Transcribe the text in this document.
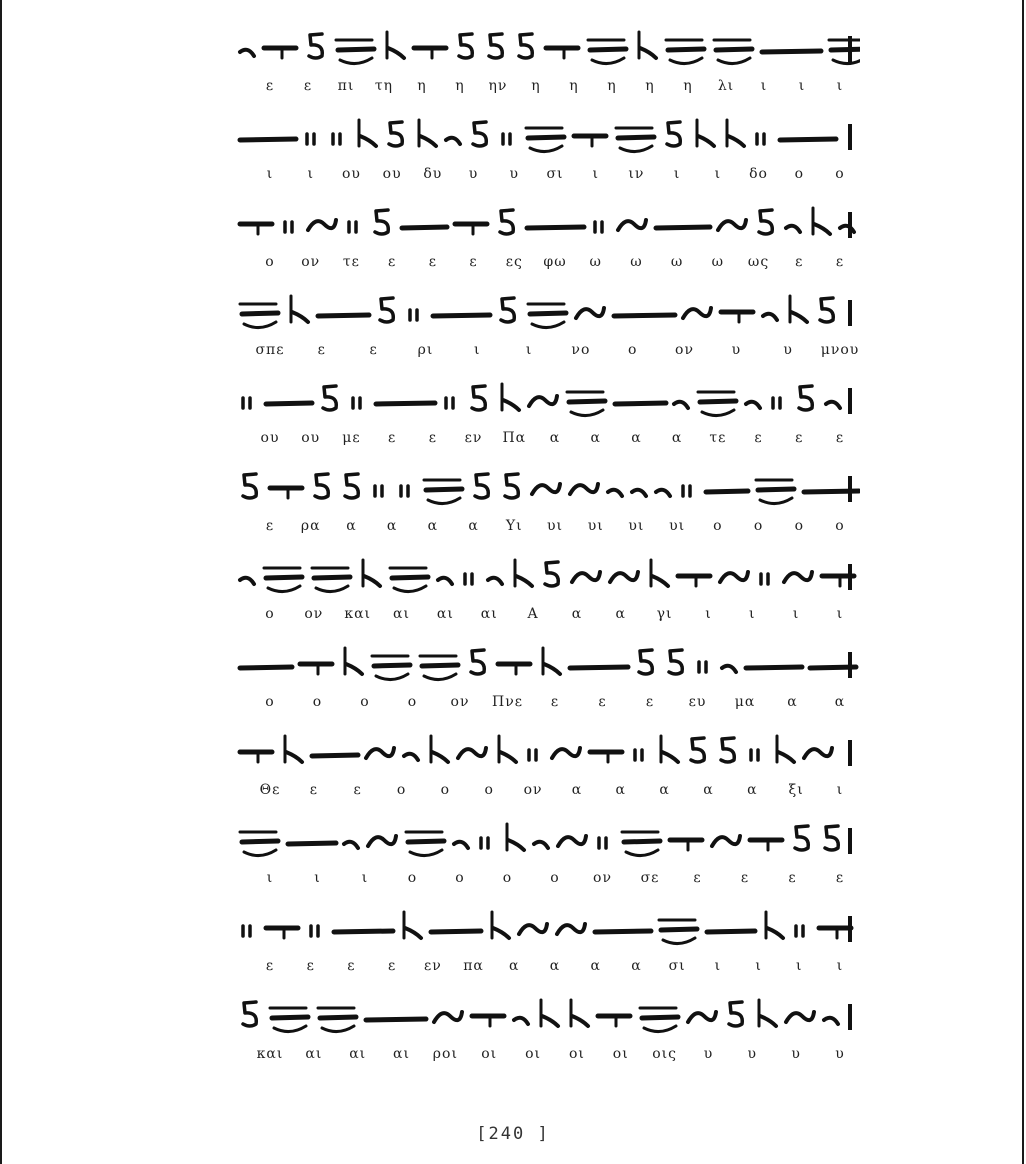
ε ε πι τη η η ην η η η η η λι ι ι ι
ι ι ου ου δυ υ υ σι ι ιν ι ι δο ο ο
ο ον τε ε ε ε ες φω ω ω ω ω ως ε ε
σπε ε	ε	ρι	ι	ι	νο	ο	ον	υ	υ μνου
ου ου με ε ε εν Πα α α α α τε ε ε ε
ε ρα α α α α Υι υι υι υι υι ο ο ο ο
ο ον και αι αι αι Α α α γι ι	ι	ι	ι
ο	ο	ο	ο ον Πνε ε	ε	ε ευ μα α	α
Θε ε	ε ο ο ο ον α α α α α ξι ι
ι	ι	ι	ο	ο	ο	ο ον σε ε	ε	ε	ε
ε ε ε ε εν πα α α α α σι ι ι ι ι
και αι αι αι ροι οι οι οι οι οις υ υ υ υ
[240 ]
